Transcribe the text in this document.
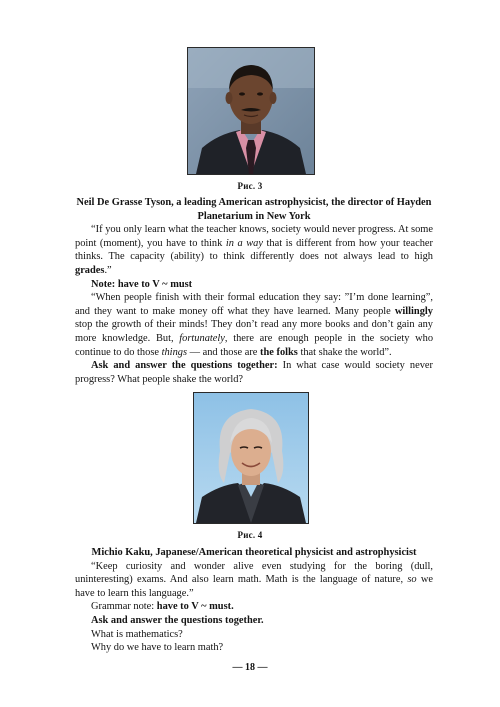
Рис. 3

Neil De Grasse Tyson, a leading American astrophysicist, the director of Hayden Planetarium in New York

“If you only learn what the teacher knows, society would never progress. At some point (moment), you have to think in a way that is different from how your teacher thinks. The capacity (ability) to think differently does not always lead to high grades.”

Note: have to V ~ must

“When people finish with their formal education they say: ”I’m done learning”, and they want to make money off what they have learned. Many people willingly stop the growth of their minds! They don’t read any more books and don’t gain any more knowledge. But, fortunately, there are enough people in the society who continue to do those things — and those are the folks that shake the world”.

Ask and answer the questions together: In what case would society never progress? What people shake the world?

Рис. 4

Michio Kaku, Japanese/American theoretical physicist and astrophysicist

“Keep curiosity and wonder alive even studying for the boring (dull, uninteresting) exams. And also learn math. Math is the language of nature, so we have to learn this language.”

Grammar note: have to V ~ must.

Ask and answer the questions together.

What is mathematics?

Why do we have to learn math?

— 18 —
